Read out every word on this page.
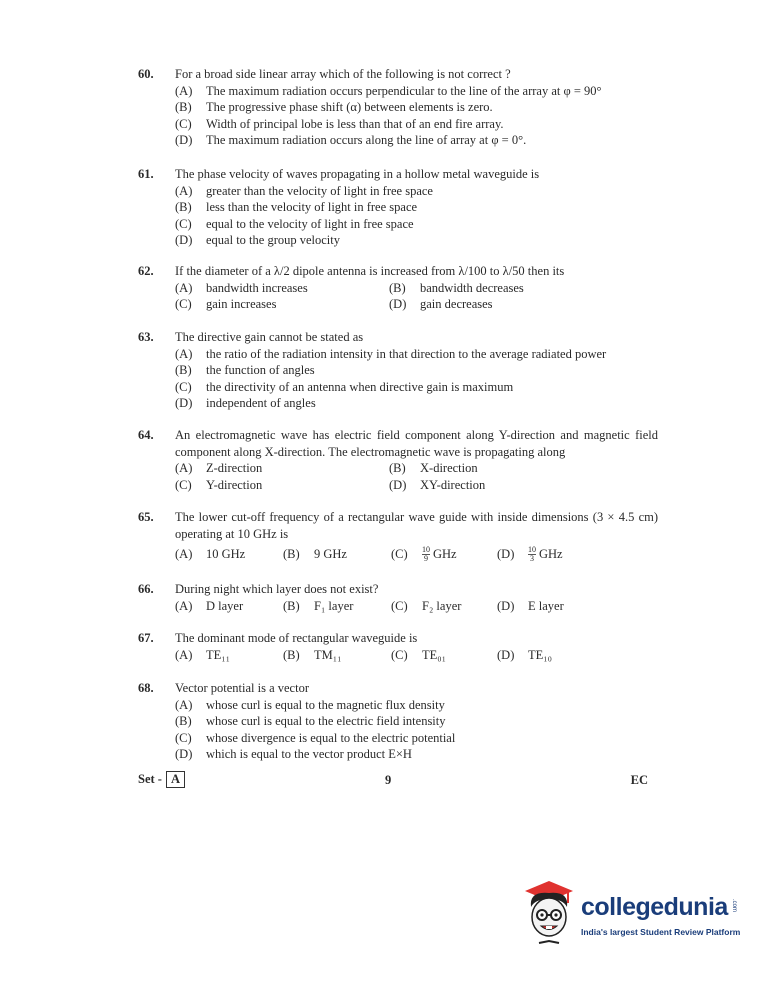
60. For a broad side linear array which of the following is not correct ?
(A)	The maximum radiation occurs perpendicular to the line of the array at φ = 90°
(B)	The progressive phase shift (α) between elements is zero.
(C)	Width of principal lobe is less than that of an end fire array.
(D)	The maximum radiation occurs along the line of array at φ = 0°.
61. The phase velocity of waves propagating in a hollow metal waveguide is
(A)	greater than the velocity of light in free space
(B)	less than the velocity of light in free space
(C)	equal to the velocity of light in free space
(D)	equal to the group velocity
62. If the diameter of a λ/2 dipole antenna is increased from λ/100 to λ/50 then its
(A)	bandwidth increases	(B)	bandwidth decreases
(C)	gain increases	(D)	gain decreases
63. The directive gain cannot be stated as
(A)	the ratio of the radiation intensity in that direction to the average radiated power
(B)	the function of angles
(C)	the directivity of an antenna when directive gain is maximum
(D)	independent of angles
64. An electromagnetic wave has electric field component along Y-direction and magnetic field component along X-direction. The electromagnetic wave is propagating along
(A)	Z-direction	(B)	X-direction
(C)	Y-direction	(D)	XY-direction
65. The lower cut-off frequency of a rectangular wave guide with inside dimensions (3 × 4.5 cm) operating at 10 GHz is
(A)	10 GHz	(B)	9 GHz	(C)	$\frac{10}{9}$ GHz	(D)	$\frac{10}{3}$ GHz
66. During night which layer does not exist?
(A)	D layer	(B)	F₁ layer	(C)	F₂ layer	(D)	E layer
67. The dominant mode of rectangular waveguide is
(A)	TE₁₁	(B)	TM₁₁	(C)	TE₀₁	(D)	TE₁₀
68. Vector potential is a vector
(A)	whose curl is equal to the magnetic flux density
(B)	whose curl is equal to the electric field intensity
(C)	whose divergence is equal to the electric potential
(D)	which is equal to the vector product E×H
Set - A	9	EC
collegedunia .com
India's largest Student Review Platform
